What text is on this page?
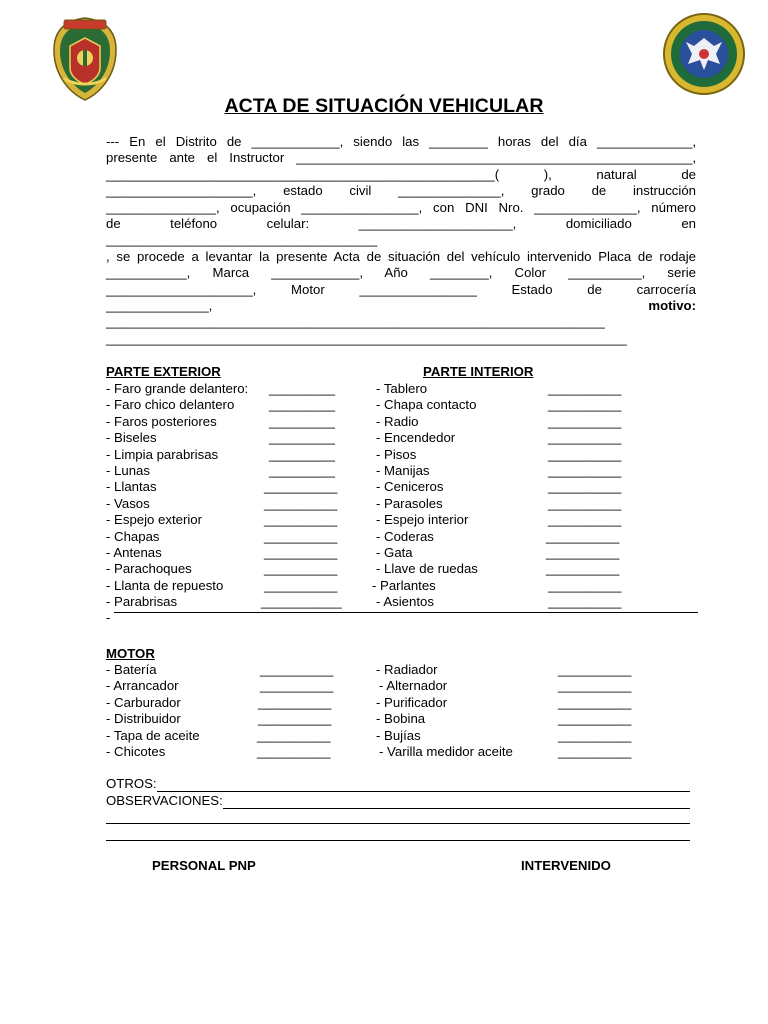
ACTA DE SITUACIÓN VEHICULAR
--- En el Distrito de ____________, siendo las ________ horas del día _____________,
presente ante el Instructor ______________________________________________________,
_____________________________________________________( ), natural de
____________________, estado civil ______________, grado de instrucción
_______________, ocupación ________________, con DNI Nro. ______________, número
de teléfono celular: _____________________, domiciliado en
_____________________________________
, se procede a levantar la presente Acta de situación del vehículo intervenido Placa de rodaje
___________, Marca ____________, Año ________, Color __________, serie
____________________, Motor ________________ Estado de carrocería
______________,	motivo:
____________________________________________________________________
_______________________________________________________________________
PARTE EXTERIOR
- Faro grande delantero: _________
- Faro chico delantero	_________
- Faros posteriores	_________
- Biseles	_________
- Limpia parabrisas	_________
- Lunas	_________
- Llantas	__________
- Vasos	__________
- Espejo exterior	__________
- Chapas	__________
- Antenas	__________
- Parachoques	__________
- Llanta de repuesto	__________
- Parabrisas	___________
-
PARTE INTERIOR
- Tablero	__________
- Chapa contacto	__________
- Radio	__________
- Encendedor	__________
- Pisos	__________
- Manijas	__________
- Ceniceros	__________
- Parasoles	__________
- Espejo interior	__________
- Coderas	__________
- Gata	__________
- Llave de ruedas	__________
- Parlantes	__________
- Asientos	__________
MOTOR
- Batería	__________
- Arrancador	__________
- Carburador	__________
- Distribuidor	__________
- Tapa de aceite	__________
- Chicotes	__________
- Radiador	__________
- Alternador	__________
- Purificador	__________
- Bobina	__________
- Bujías	__________
- Varilla medidor aceite	__________
OTROS:
OBSERVACIONES:
PERSONAL PNP	INTERVENIDO
